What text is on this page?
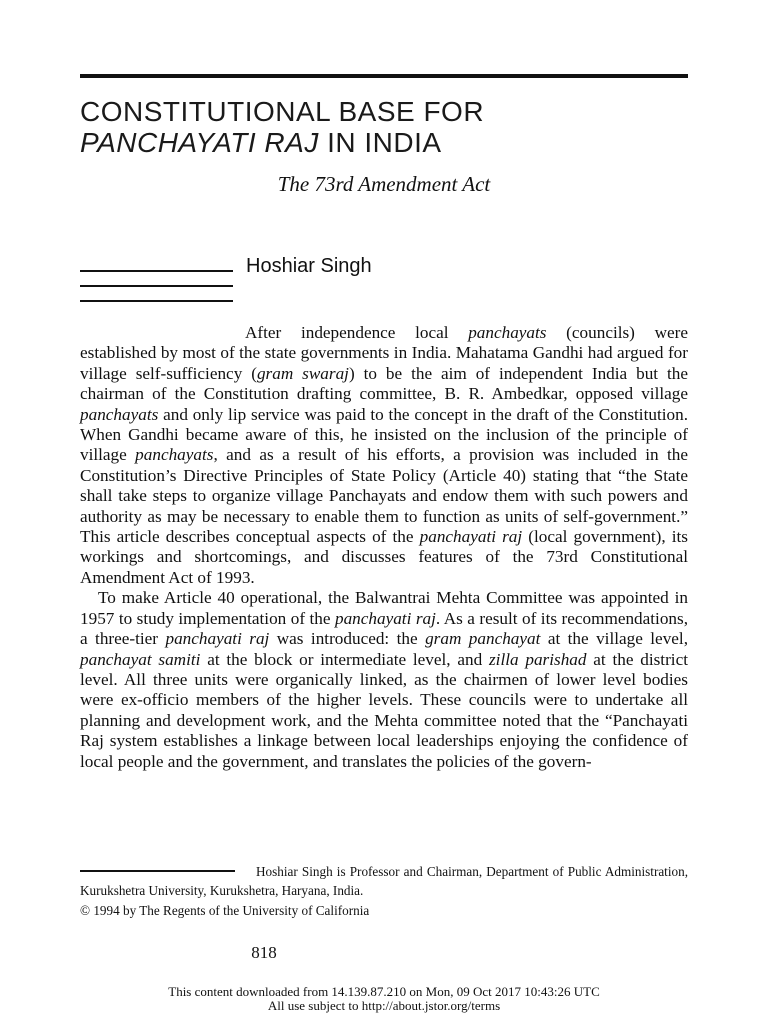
CONSTITUTIONAL BASE FOR
PANCHAYATI RAJ IN INDIA
The 73rd Amendment Act
Hoshiar Singh

After independence local panchayats (councils) were established by most of the state governments in India. Mahatama Gandhi had argued for village self-sufficiency (gram swaraj) to be the aim of independent India but the chairman of the Constitution drafting committee, B. R. Ambedkar, opposed village panchayats and only lip service was paid to the concept in the draft of the Constitution. When Gandhi became aware of this, he insisted on the inclusion of the principle of village panchayats, and as a result of his efforts, a provision was included in the Constitution’s Directive Principles of State Policy (Article 40) stating that “the State shall take steps to organize village Panchayats and endow them with such powers and authority as may be necessary to enable them to function as units of self-government.” This article describes conceptual aspects of the panchayati raj (local government), its workings and shortcomings, and discusses features of the 73rd Constitutional Amendment Act of 1993.

To make Article 40 operational, the Balwantrai Mehta Committee was appointed in 1957 to study implementation of the panchayati raj. As a result of its recommendations, a three-tier panchayati raj was introduced: the gram panchayat at the village level, panchayat samiti at the block or intermediate level, and zilla parishad at the district level. All three units were organically linked, as the chairmen of lower level bodies were ex-officio members of the higher levels. These councils were to undertake all planning and development work, and the Mehta committee noted that the “Panchayati Raj system establishes a linkage between local leaderships enjoying the confidence of local people and the government, and translates the policies of the govern-

Hoshiar Singh is Professor and Chairman, Department of Public Administration, Kurukshetra University, Kurukshetra, Haryana, India.
© 1994 by The Regents of the University of California
818
This content downloaded from 14.139.87.210 on Mon, 09 Oct 2017 10:43:26 UTC
All use subject to http://about.jstor.org/terms
